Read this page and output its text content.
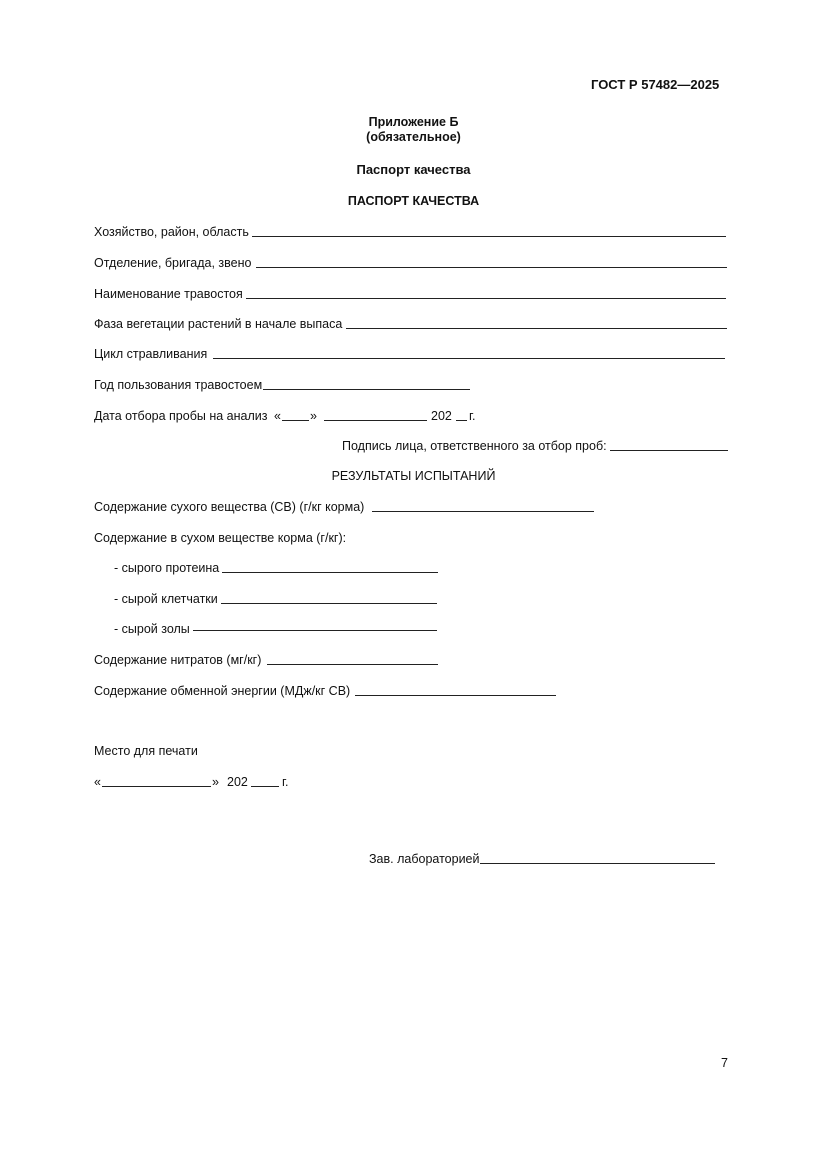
ГОСТ Р 57482—2025
Приложение Б
(обязательное)
Паспорт качества
ПАСПОРТ КАЧЕСТВА
Хозяйство, район, область
Отделение, бригада, звено
Наименование травостоя
Фаза вегетации растений в начале выпаса
Цикл стравливания
Год пользования травостоем
Дата отбора пробы на анализ « »	202 г.
Подпись лица, ответственного за отбор проб:
РЕЗУЛЬТАТЫ ИСПЫТАНИЙ
Содержание сухого вещества (СВ) (г/кг корма)
Содержание в сухом веществе корма (г/кг):
- сырого протеина
- сырой клетчатки
- сырой золы
Содержание нитратов (мг/кг)
Содержание обменной энергии (МДж/кг СВ)
Место для печати
«	» 202	г.
Зав. лабораторией
7
